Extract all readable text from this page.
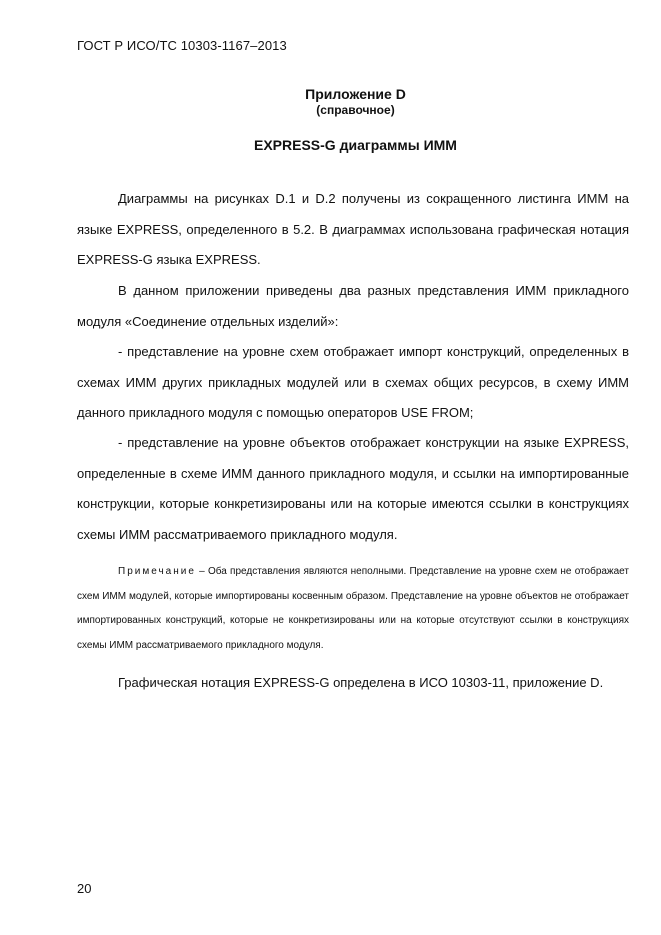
ГОСТ Р ИСО/ТС 10303-1167–2013
Приложение D
(справочное)
EXPRESS-G диаграммы ИММ

Диаграммы на рисунках D.1 и D.2 получены из сокращенного листинга ИММ на языке EXPRESS, определенного в 5.2. В диаграммах использована графическая нотация EXPRESS-G языка EXPRESS.

В данном приложении приведены два разных представления ИММ прикладного модуля «Соединение отдельных изделий»:

- представление на уровне схем отображает импорт конструкций, определенных в схемах ИММ других прикладных модулей или в схемах общих ресурсов, в схему ИММ данного прикладного модуля с помощью операторов USE FROM;

- представление на уровне объектов отображает конструкции на языке EXPRESS, определенные в схеме ИММ данного прикладного модуля, и ссылки на импортированные конструкции, которые конкретизированы или на которые имеются ссылки в конструкциях схемы ИММ рассматриваемого прикладного модуля.

Примечание – Оба представления являются неполными. Представление на уровне схем не отображает схем ИММ модулей, которые импортированы косвенным образом. Представление на уровне объектов не отображает импортированных конструкций, которые не конкретизированы или на которые отсутствуют ссылки в конструкциях схемы ИММ рассматриваемого прикладного модуля.

Графическая нотация EXPRESS-G определена в ИСО 10303-11, приложение D.

20
